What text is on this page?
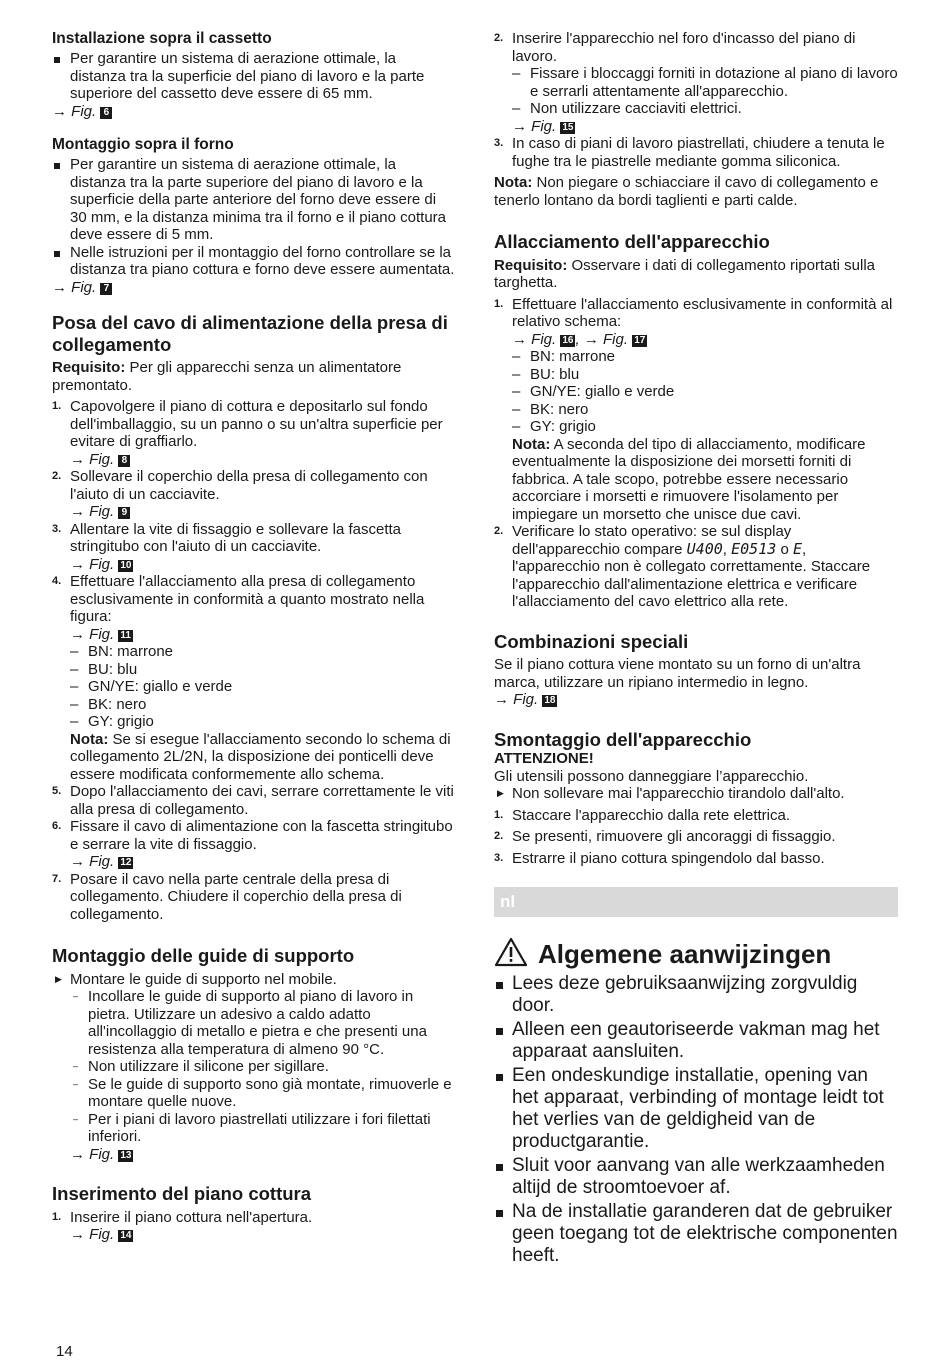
Installazione sopra il cassetto
Per garantire un sistema di aerazione ottimale, la distanza tra la superficie del piano di lavoro e la parte superiore del cassetto deve essere di 65 mm.
→ Fig. 6
Montaggio sopra il forno
Per garantire un sistema di aerazione ottimale, la distanza tra la parte superiore del piano di lavoro e la superficie della parte anteriore del forno deve essere di 30 mm, e la distanza minima tra il forno e il piano cottura deve essere di 5 mm.
Nelle istruzioni per il montaggio del forno controllare se la distanza tra piano cottura e forno deve essere aumentata.
→ Fig. 7
Posa del cavo di alimentazione della presa di collegamento
Requisito: Per gli apparecchi senza un alimentatore premontato.
1. Capovolgere il piano di cottura e depositarlo sul fondo dell'imballaggio, su un panno o su un'altra superficie per evitare di graffiarlo.
→ Fig. 8
2. Sollevare il coperchio della presa di collegamento con l'aiuto di un cacciavite.
→ Fig. 9
3. Allentare la vite di fissaggio e sollevare la fascetta stringitubo con l'aiuto di un cacciavite.
→ Fig. 10
4. Effettuare l'allacciamento alla presa di collegamento esclusivamente in conformità a quanto mostrato nella figura:
→ Fig. 11
– BN: marrone
– BU: blu
– GN/YE: giallo e verde
– BK: nero
– GY: grigio
Nota: Se si esegue l'allacciamento secondo lo schema di collegamento 2L/2N, la disposizione dei ponticelli deve essere modificata conformemente allo schema.
5. Dopo l'allacciamento dei cavi, serrare correttamente le viti alla presa di collegamento.
6. Fissare il cavo di alimentazione con la fascetta stringitubo e serrare la vite di fissaggio.
→ Fig. 12
7. Posare il cavo nella parte centrale della presa di collegamento. Chiudere il coperchio della presa di collegamento.
Montaggio delle guide di supporto
▶ Montare le guide di supporto nel mobile.
– Incollare le guide di supporto al piano di lavoro in pietra. Utilizzare un adesivo a caldo adatto all'incollaggio di metallo e pietra e che presenti una resistenza alla temperatura di almeno 90 °C.
– Non utilizzare il silicone per sigillare.
– Se le guide di supporto sono già montate, rimuoverle e montare quelle nuove.
– Per i piani di lavoro piastrellati utilizzare i fori filettati inferiori.
→ Fig. 13
Inserimento del piano cottura
1. Inserire il piano cottura nell'apertura.
→ Fig. 14
2. Inserire l'apparecchio nel foro d'incasso del piano di lavoro.
– Fissare i bloccaggi forniti in dotazione al piano di lavoro e serrarli attentamente all'apparecchio.
– Non utilizzare cacciaviti elettrici.
→ Fig. 15
3. In caso di piani di lavoro piastrellati, chiudere a tenuta le fughe tra le piastrelle mediante gomma siliconica.
Nota: Non piegare o schiacciare il cavo di collegamento e tenerlo lontano da bordi taglienti e parti calde.
Allacciamento dell'apparecchio
Requisito: Osservare i dati di collegamento riportati sulla targhetta.
1. Effettuare l'allacciamento esclusivamente in conformità al relativo schema:
→ Fig. 16 , → Fig. 17
– BN: marrone
– BU: blu
– GN/YE: giallo e verde
– BK: nero
– GY: grigio
Nota: A seconda del tipo di allacciamento, modificare eventualmente la disposizione dei morsetti forniti di fabbrica. A tale scopo, potrebbe essere necessario accorciare i morsetti e rimuovere l'isolamento per impiegare un morsetto che unisce due cavi.
2. Verificare lo stato operativo: se sul display dell'apparecchio compare U400, E0513 o E, l'apparecchio non è collegato correttamente. Staccare l'apparecchio dall'alimentazione elettrica e verificare l'allacciamento del cavo elettrico alla rete.
Combinazioni speciali
Se il piano cottura viene montato su un forno di un'altra marca, utilizzare un ripiano intermedio in legno.
→ Fig. 18
Smontaggio dell'apparecchio
ATTENZIONE!
Gli utensili possono danneggiare l’apparecchio.
▶ Non sollevare mai l'apparecchio tirandolo dall'alto.
1. Staccare l'apparecchio dalla rete elettrica.
2. Se presenti, rimuovere gli ancoraggi di fissaggio.
3. Estrarre il piano cottura spingendolo dal basso.
nl
Algemene aanwijzingen
Lees deze gebruiksaanwijzing zorgvuldig door.
Alleen een geautoriseerde vakman mag het apparaat aansluiten.
Een ondeskundige installatie, opening van het apparaat, verbinding of montage leidt tot het verlies van de geldigheid van de productgarantie.
Sluit voor aanvang van alle werkzaamheden altijd de stroomtoevoer af.
Na de installatie garanderen dat de gebruiker geen toegang tot de elektrische componenten heeft.
14
